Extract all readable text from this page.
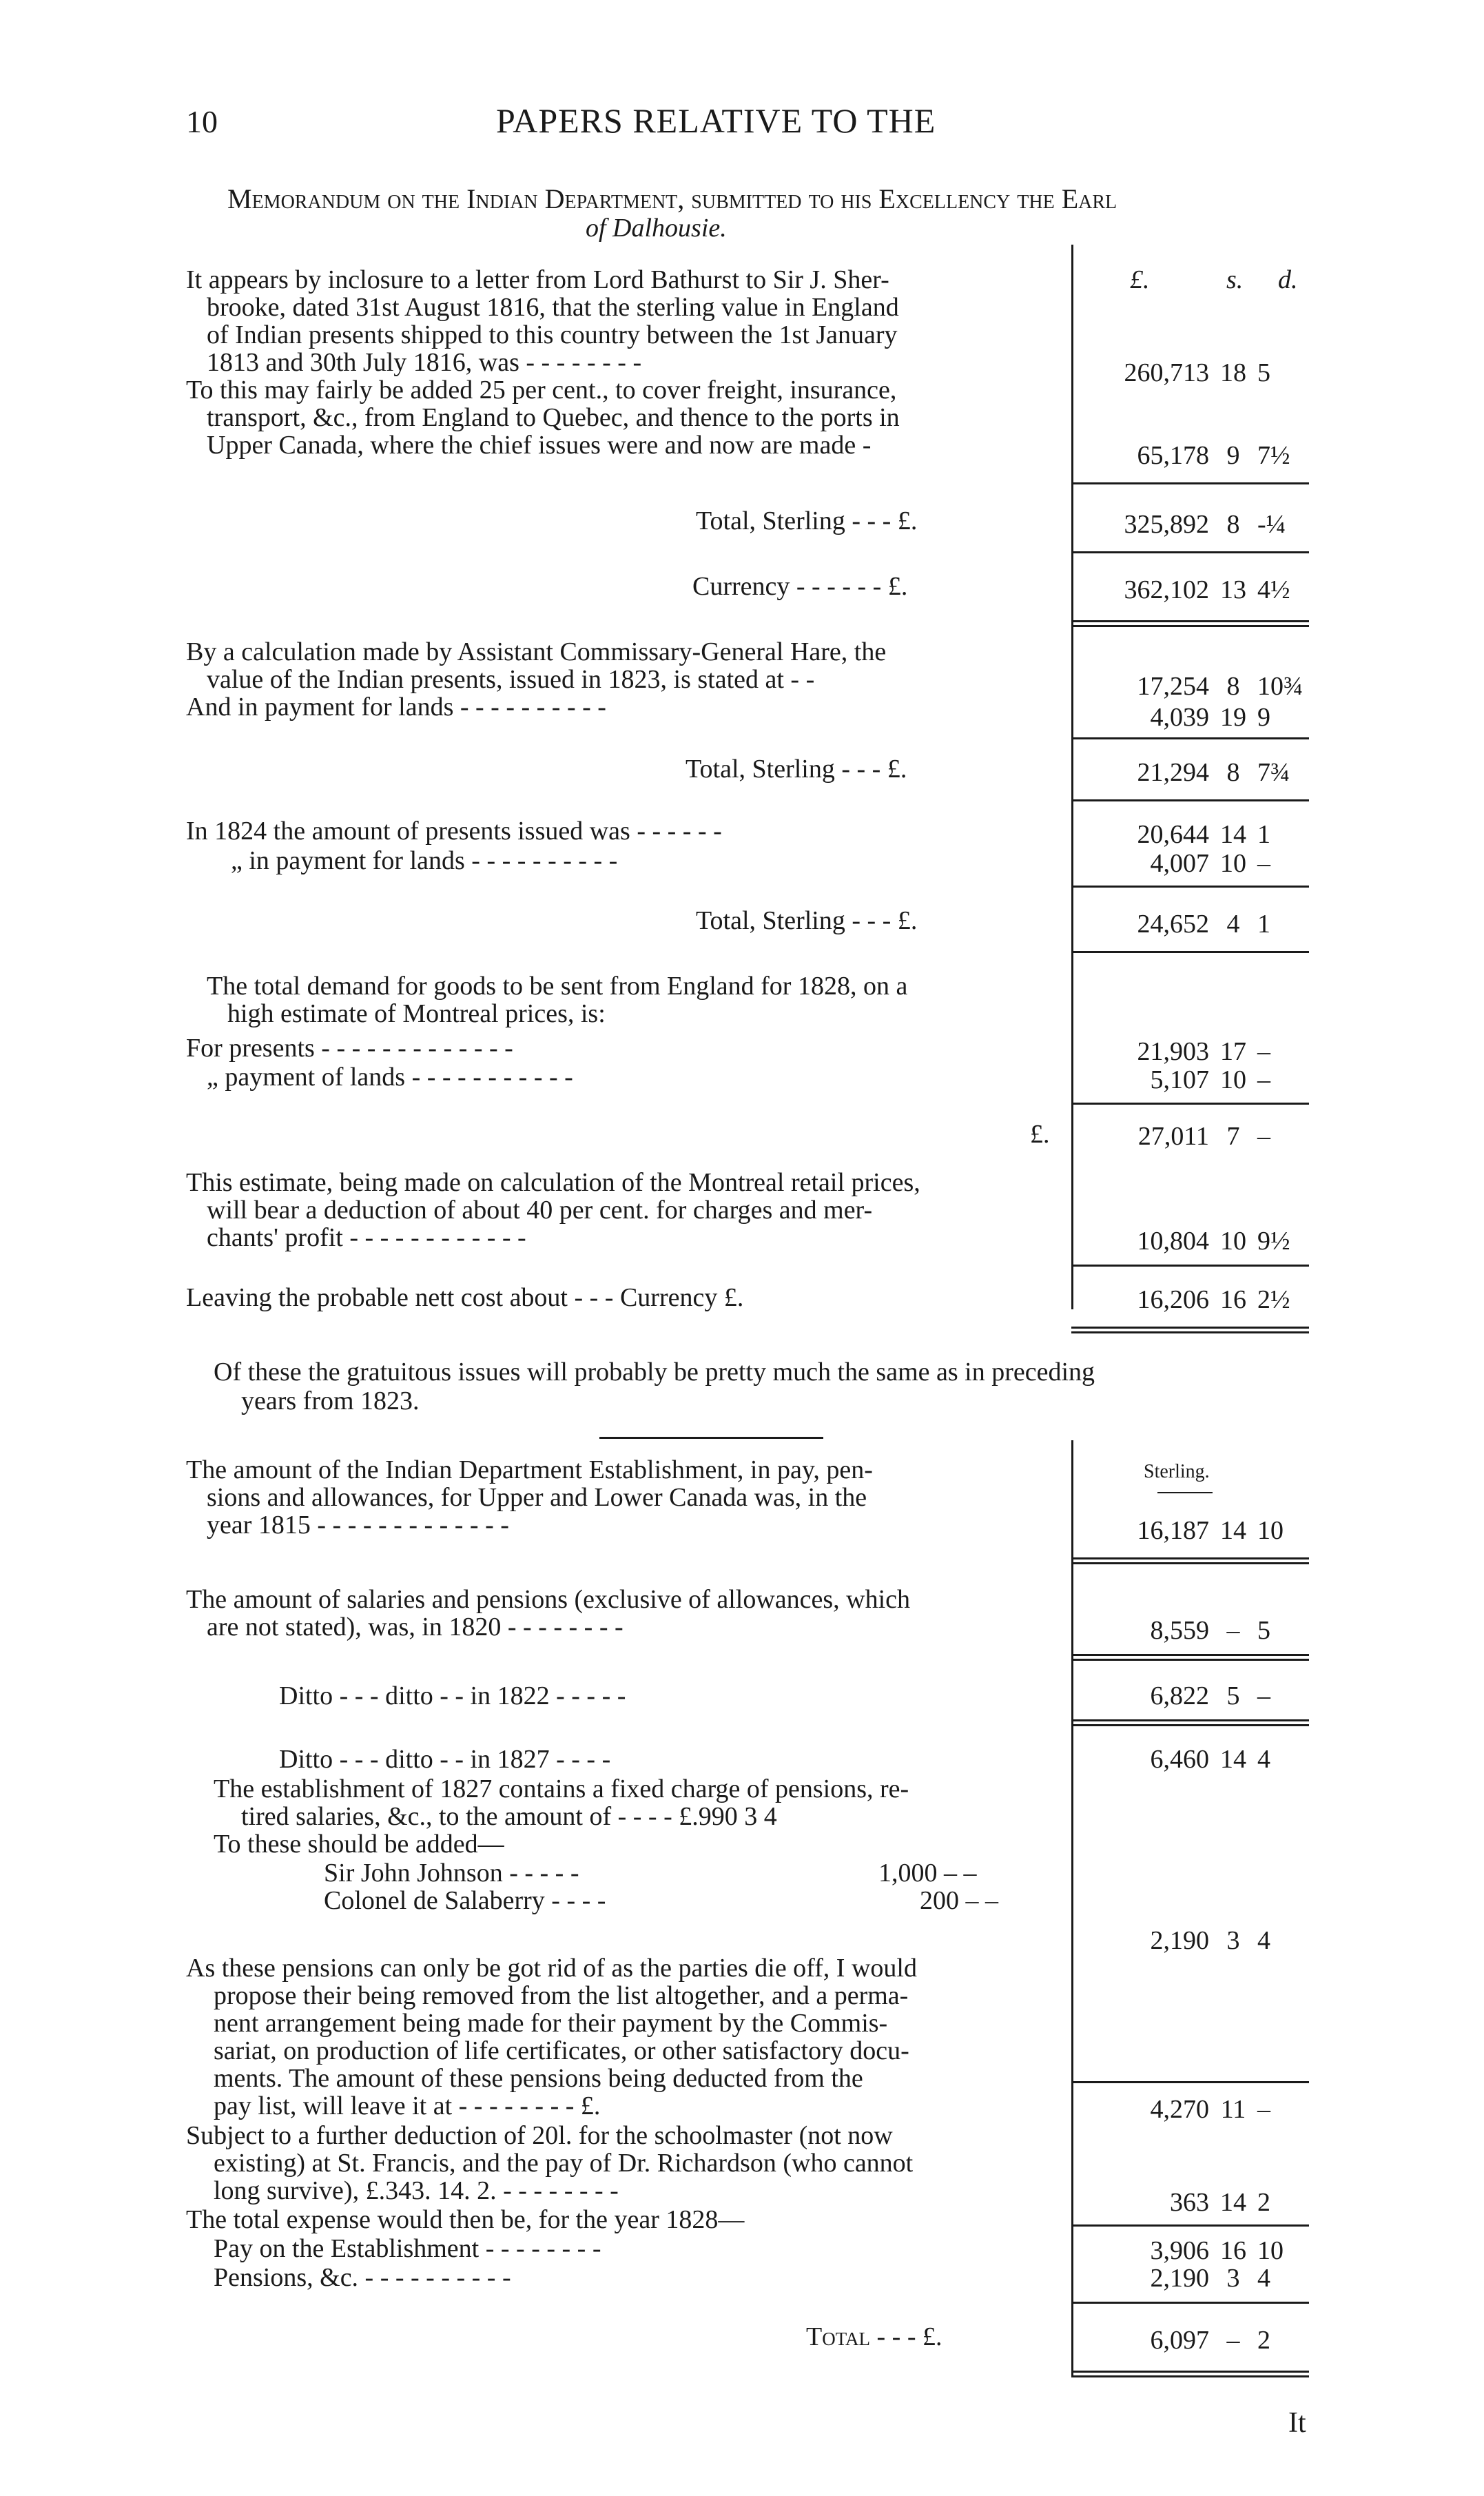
10	PAPERS RELATIVE TO THE
Memorandum on the Indian Department, submitted to his Excellency the Earl
of Dalhousie.
It appears by inclosure to a letter from Lord Bathurst to Sir J. Sher-
brooke, dated 31st August 1816, that the sterling value in England
of Indian presents shipped to this country between the 1st January
1813 and 30th July 1816, was - - - - - - - -
To this may fairly be added 25 per cent., to cover freight, insurance,
transport, &c., from England to Quebec, and thence to the ports in
Upper Canada, where the chief issues were and now are made -
£.	s. d.
260,713 18 5
65,178 9 7½
Total, Sterling - - - £.	325,892 8 -¼
Currency - - - - - - £.	362,102 13 4½
By a calculation made by Assistant Commissary-General Hare, the
value of the Indian presents, issued in 1823, is stated at - -
And in payment for lands - - - - - - - - - -
17,254 8 10¾
4,039 19 9
Total, Sterling - - - £.	21,294 8 7¾
In 1824 the amount of presents issued was - - - - - -
„ in payment for lands - - - - - - - - - -
20,644 14 1
4,007 10 –
Total, Sterling - - - £.	24,652 4 1
The total demand for goods to be sent from England for 1828, on a
high estimate of Montreal prices, is:
For presents - - - - - - - - - - - - -
„ payment of lands - - - - - - - - - - -
21,903 17 –
5,107 10 –
£.	27,011 7 –
This estimate, being made on calculation of the Montreal retail prices,
will bear a deduction of about 40 per cent. for charges and mer-
chants' profit - - - - - - - - - - - -	10,804 10 9½
Leaving the probable nett cost about - - - Currency £.	16,206 16 2½
Of these the gratuitous issues will probably be pretty much the same as in preceding
years from 1823.
Sterling.
The amount of the Indian Department Establishment, in pay, pen-
sions and allowances, for Upper and Lower Canada was, in the
year 1815 - - - - - - - - - - - - -	16,187 14 10
The amount of salaries and pensions (exclusive of allowances, which
are not stated), was, in 1820 - - - - - - - -	8,559 – 5
Ditto - - - ditto - - in 1822 - - - - -	6,822 5 –
Ditto - - - ditto - - in 1827 - - - -	6,460 14 4
The establishment of 1827 contains a fixed charge of pensions, re-
tired salaries, &c., to the amount of - - - - £.990 3 4
To these should be added—
Sir John Johnson - - - - -	1,000 – –
Colonel de Salaberry - - - -	200 – –
2,190 3 4
As these pensions can only be got rid of as the parties die off, I would
propose their being removed from the list altogether, and a perma-
nent arrangement being made for their payment by the Commis-
sariat, on production of life certificates, or other satisfactory docu-
ments. The amount of these pensions being deducted from the
pay list, will leave it at - - - - - - - - £.	4,270 11 –
Subject to a further deduction of 20l. for the schoolmaster (not now
existing) at St. Francis, and the pay of Dr. Richardson (who cannot
long survive), £.343. 14. 2. - - - - - - - -	363 14 2
The total expense would then be, for the year 1828—
Pay on the Establishment - - - - - - - -	3,906 16 10
Pensions, &c. - - - - - - - - - -	2,190 3 4
Total - - - £.	6,097 – 2
It
